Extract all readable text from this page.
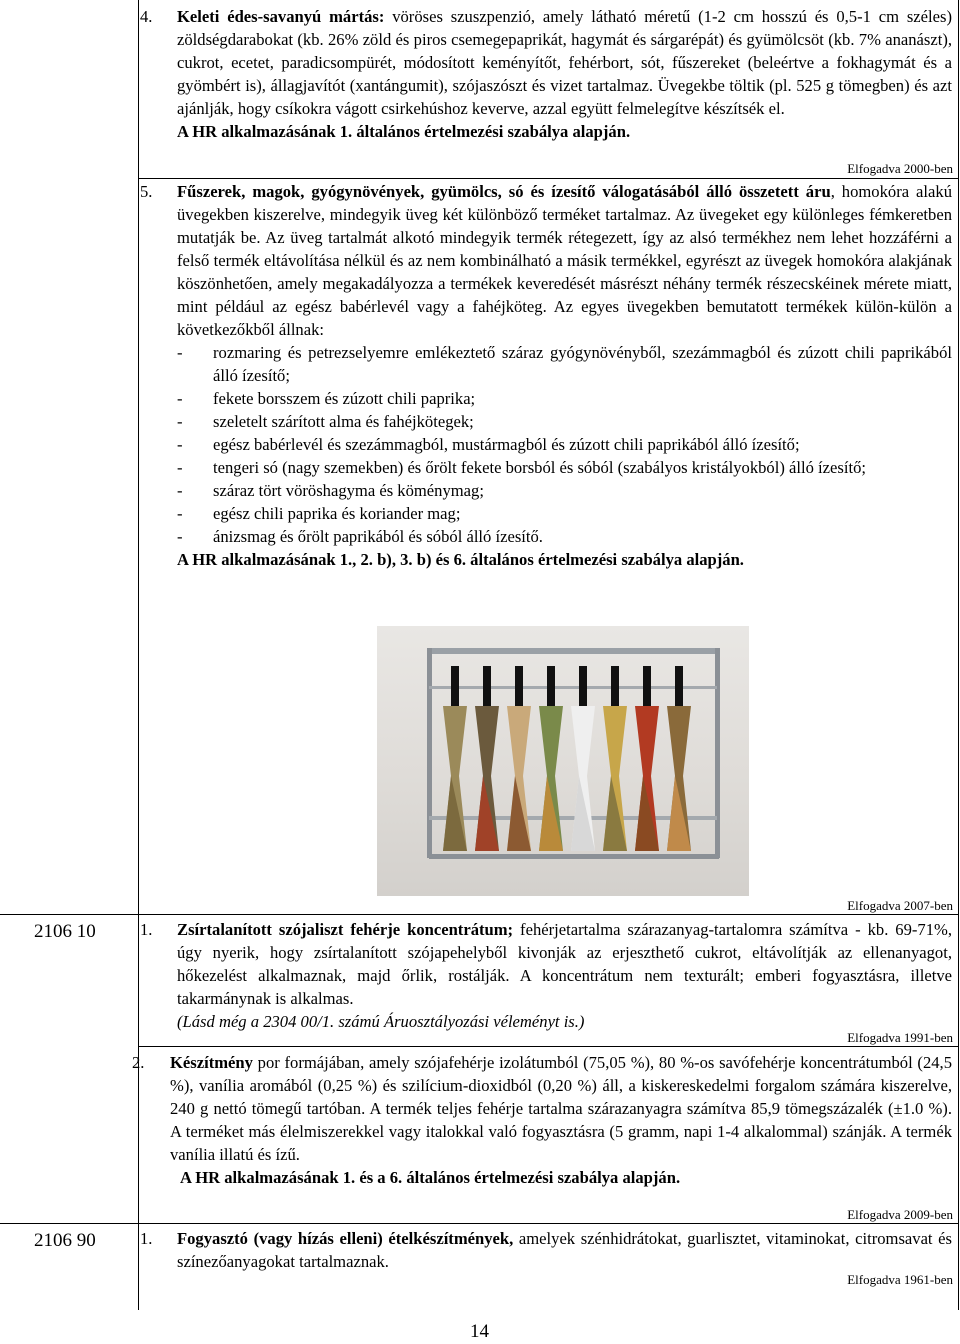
4. Keleti édes-savanyú mártás: vöröses szuszpenzió, amely látható méretű (1-2 cm hosszú és 0,5-1 cm széles) zöldségdarabokat (kb. 26% zöld és piros csemegepaprikát, hagymát és sárgarépát) és gyümölcsöt (kb. 7% ananászt), cukrot, ecetet, paradicsompürét, módosított keményítőt, fehérbort, sót, fűszereket (beleértve a fokhagymát és a gyömbért is), állagjavítót (xantángumit), szójaszószt és vizet tartalmaz. Üvegekbe töltik (pl. 525 g tömegben) és azt ajánlják, hogy csíkokra vágott csirkehúshoz keverve, azzal együtt felmelegítve készítsék el.
A HR alkalmazásának 1. általános értelmezési szabálya alapján.
Elfogadva 2000-ben
5. Fűszerek, magok, gyógynövények, gyümölcs, só és ízesítő válogatásából álló összetett áru, homokóra alakú üvegekben kiszerelve, mindegyik üveg két különböző terméket tartalmaz. Az üvegeket egy különleges fémkeretben mutatják be. Az üveg tartalmát alkotó mindegyik termék rétegezett, így az alsó termékhez nem lehet hozzáférni a felső termék eltávolítása nélkül és az nem kombinálható a másik termékkel, egyrészt az üvegek homokóra alakjának köszönhetően, amely megakadályozza a termékek keveredését másrészt néhány termék részecskéinek mérete miatt, mint például az egész babérlevél vagy a fahéjköteg. Az egyes üvegekben bemutatott termékek külön-külön a következőkből állnak:
- rozmaring és petrezselyemre emlékeztető száraz gyógynövényből, szezámmagból és zúzott chili paprikából álló ízesítő;
- fekete borsszem és zúzott chili paprika;
- szeletelt szárított alma és fahéjkötegek;
- egész babérlevél és szezámmagból, mustármagból és zúzott chili paprikából álló ízesítő;
- tengeri só (nagy szemekben) és őrölt fekete borsból és sóból (szabályos kristályokból) álló ízesítő;
- száraz tört vöröshagyma és köménymag;
- egész chili paprika és koriander mag;
- ánizsmag és őrölt paprikából és sóból álló ízesítő.
A HR alkalmazásának 1., 2. b), 3. b) és 6. általános értelmezési szabálya alapján.
Elfogadva 2007-ben
2106 10	1. Zsírtalanított szójaliszt fehérje koncentrátum; fehérjetartalma szárazanyag-tartalomra számítva - kb. 69-71%, úgy nyerik, hogy zsírtalanított szójapehelyből kivonják az erjeszthető cukrot, eltávolítják az ellenanyagot, hőkezelést alkalmaznak, majd őrlik, rostálják. A koncentrátum nem texturált; emberi fogyasztásra, illetve takarmánynak is alkalmas.
(Lásd még a 2304 00/1. számú Áruosztályozási véleményt is.)
Elfogadva 1991-ben
2. Készítmény por formájában, amely szójafehérje izolátumból (75,05 %), 80 %-os savófehérje koncentrátumból (24,5 %), vanília aromából (0,25 %) és szilícium-dioxidból (0,20 %) áll, a kiskereskedelmi forgalom számára kiszerelve, 240 g nettó tömegű tartóban. A termék teljes fehérje tartalma szárazanyagra számítva 85,9 tömegszázalék (±1.0 %). A terméket más élelmiszerekkel vagy italokkal való fogyasztásra (5 gramm, napi 1-4 alkalommal) szánják. A termék vanília illatú és ízű.
A HR alkalmazásának 1. és a 6. általános értelmezési szabálya alapján.
Elfogadva 2009-ben
2106 90	1. Fogyasztó (vagy hízás elleni) ételkészítmények, amelyek szénhidrátokat, guarlisztet, vitaminokat, citromsavat és színezőanyagokat tartalmaznak.
Elfogadva 1961-ben
14
